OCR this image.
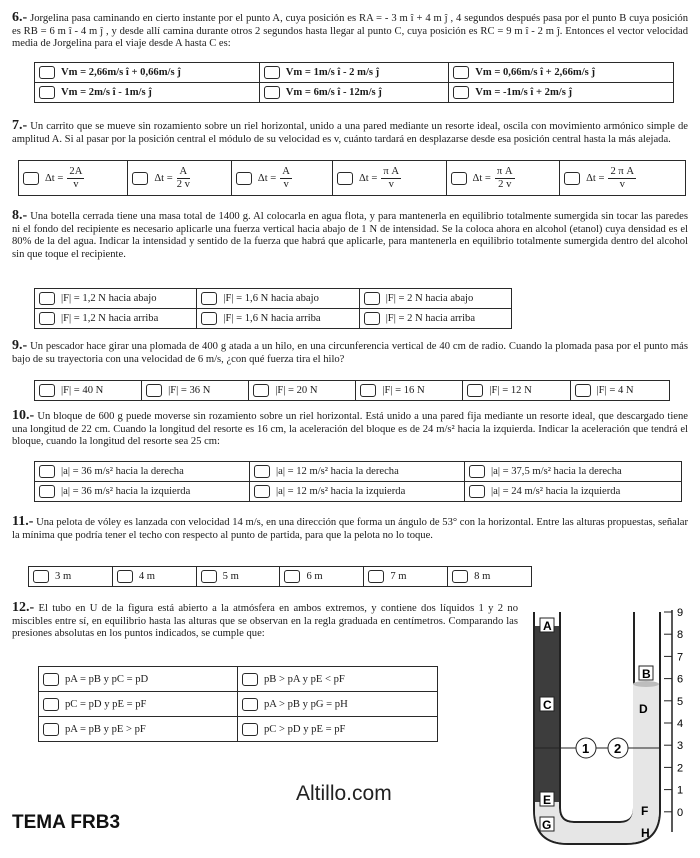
6.- Jorgelina pasa caminando en cierto instante por el punto A, cuya posición es RA = - 3 m î + 4 m ĵ , 4 segundos después pasa por el punto B cuya posición es RB = 6 m î - 4 m ĵ , y desde allí camina durante otros 2 segundos hasta llegar al punto C, cuya posición es RC = 9 m î - 2 m ĵ. Entonces el vector velocidad media de Jorgelina para el viaje desde A hasta C es:

Vm = 2,66m/s î + 0,66m/s ĵ	Vm = 1m/s î - 2 m/s ĵ	Vm = 0,66m/s î + 2,66m/s ĵ
Vm = 2m/s î - 1m/s ĵ	Vm = 6m/s î - 12m/s ĵ	Vm = -1m/s î + 2m/s ĵ

7.- Un carrito que se mueve sin rozamiento sobre un riel horizontal, unido a una pared mediante un resorte ideal, oscila con movimiento armónico simple de amplitud A. Si al pasar por la posición central el módulo de su velocidad es v, cuánto tardará en desplazarse desde esa posición central hasta la más alejada.

$\Delta t = \frac{2A}{v}$	$\Delta t = \frac{A}{2 v}$	$\Delta t = \frac{A}{v}$	$\Delta t = \frac{\text{π A}}{v}$	$\Delta t = \frac{\text{π A}}{2 v}$	$\Delta t = \frac{\text{2 π A}}{v}$

8.- Una botella cerrada tiene una masa total de 1400 g. Al colocarla en agua flota, y para mantenerla en equilibrio totalmente sumergida sin tocar las paredes ni el fondo del recipiente es necesario aplicarle una fuerza vertical hacia abajo de 1 N de intensidad. Se la coloca ahora en alcohol (etanol) cuya densidad es el 80% de la del agua. Indicar la intensidad y sentido de la fuerza que habrá que aplicarle, para mantenerla en equilibrio totalmente sumergida dentro del alcohol sin que toque el recipiente.

|F| = 1,2 N hacia abajo	|F| = 1,6 N hacia abajo	|F| = 2 N hacia abajo
|F| = 1,2 N hacia arriba	|F| = 1,6 N hacia arriba	|F| = 2 N hacia arriba

9.- Un pescador hace girar una plomada de 400 g atada a un hilo, en una circunferencia vertical de 40 cm de radio. Cuando la plomada pasa por el punto más bajo de su trayectoria con una velocidad de 6 m/s, ¿con qué fuerza tira el hilo?

|F| = 40 N	|F| = 36 N	|F| = 20 N	|F| = 16 N	|F| = 12 N	|F| = 4 N

10.- Un bloque de 600 g puede moverse sin rozamiento sobre un riel horizontal. Está unido a una pared fija mediante un resorte ideal, que descargado tiene una longitud de 22 cm. Cuando la longitud del resorte es 16 cm, la aceleración del bloque es de 24 m/s² hacia la izquierda. Indicar la aceleración que tendrá el bloque, cuando la longitud del resorte sea 25 cm:

|a| = 36 m/s² hacia la derecha	|a| = 12 m/s² hacia la derecha	|a| = 37,5 m/s² hacia la derecha
|a| = 36 m/s² hacia la izquierda	|a| = 12 m/s² hacia la izquierda	|a| = 24 m/s² hacia la izquierda

11.- Una pelota de vóley es lanzada con velocidad 14 m/s, en una dirección que forma un ángulo de 53° con la horizontal. Entre las alturas propuestas, señalar la mínima que podría tener el techo con respecto al punto de partida, para que la pelota no lo toque.

3 m	4 m	5 m	6 m	7 m	8 m

12.- El tubo en U de la figura está abierto a la atmósfera en ambos extremos, y contiene dos líquidos 1 y 2 no miscibles entre sí, en equilibrio hasta las alturas que se observan en la regla graduada en centímetros. Comparando las presiones absolutas en los puntos indicados, se cumple que:

pA = pB y pC = pD	pB > pA y pE < pF
pC = pD y pE = pF	pA > pB y pG = pH
pA = pB y pE > pF	pC > pD y pE = pF
9
8
7
6
5
4
3
2
1
0
A
B
C	D
E
F
G
H
1 2
Altillo.com
TEMA FRB3
